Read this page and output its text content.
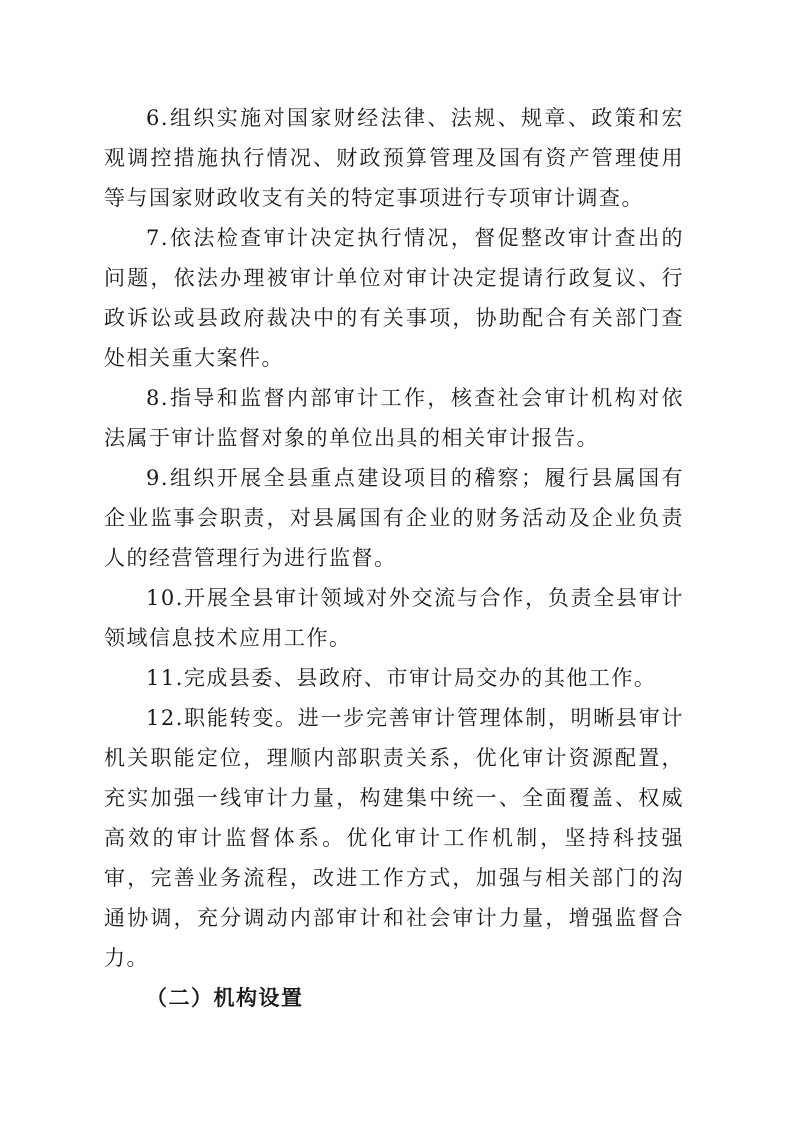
6.组织实施对国家财经法律、法规、规章、政策和宏观调控措施执行情况、财政预算管理及国有资产管理使用等与国家财政收支有关的特定事项进行专项审计调查。

7.依法检查审计决定执行情况，督促整改审计查出的问题，依法办理被审计单位对审计决定提请行政复议、行政诉讼或县政府裁决中的有关事项，协助配合有关部门查处相关重大案件。

8.指导和监督内部审计工作，核查社会审计机构对依法属于审计监督对象的单位出具的相关审计报告。

9.组织开展全县重点建设项目的稽察；履行县属国有企业监事会职责，对县属国有企业的财务活动及企业负责人的经营管理行为进行监督。

10.开展全县审计领域对外交流与合作，负责全县审计领域信息技术应用工作。

11.完成县委、县政府、市审计局交办的其他工作。

12.职能转变。进一步完善审计管理体制，明晰县审计机关职能定位，理顺内部职责关系，优化审计资源配置，充实加强一线审计力量，构建集中统一、全面覆盖、权威高效的审计监督体系。优化审计工作机制，坚持科技强审，完善业务流程，改进工作方式，加强与相关部门的沟通协调，充分调动内部审计和社会审计力量，增强监督合力。

（二）机构设置
